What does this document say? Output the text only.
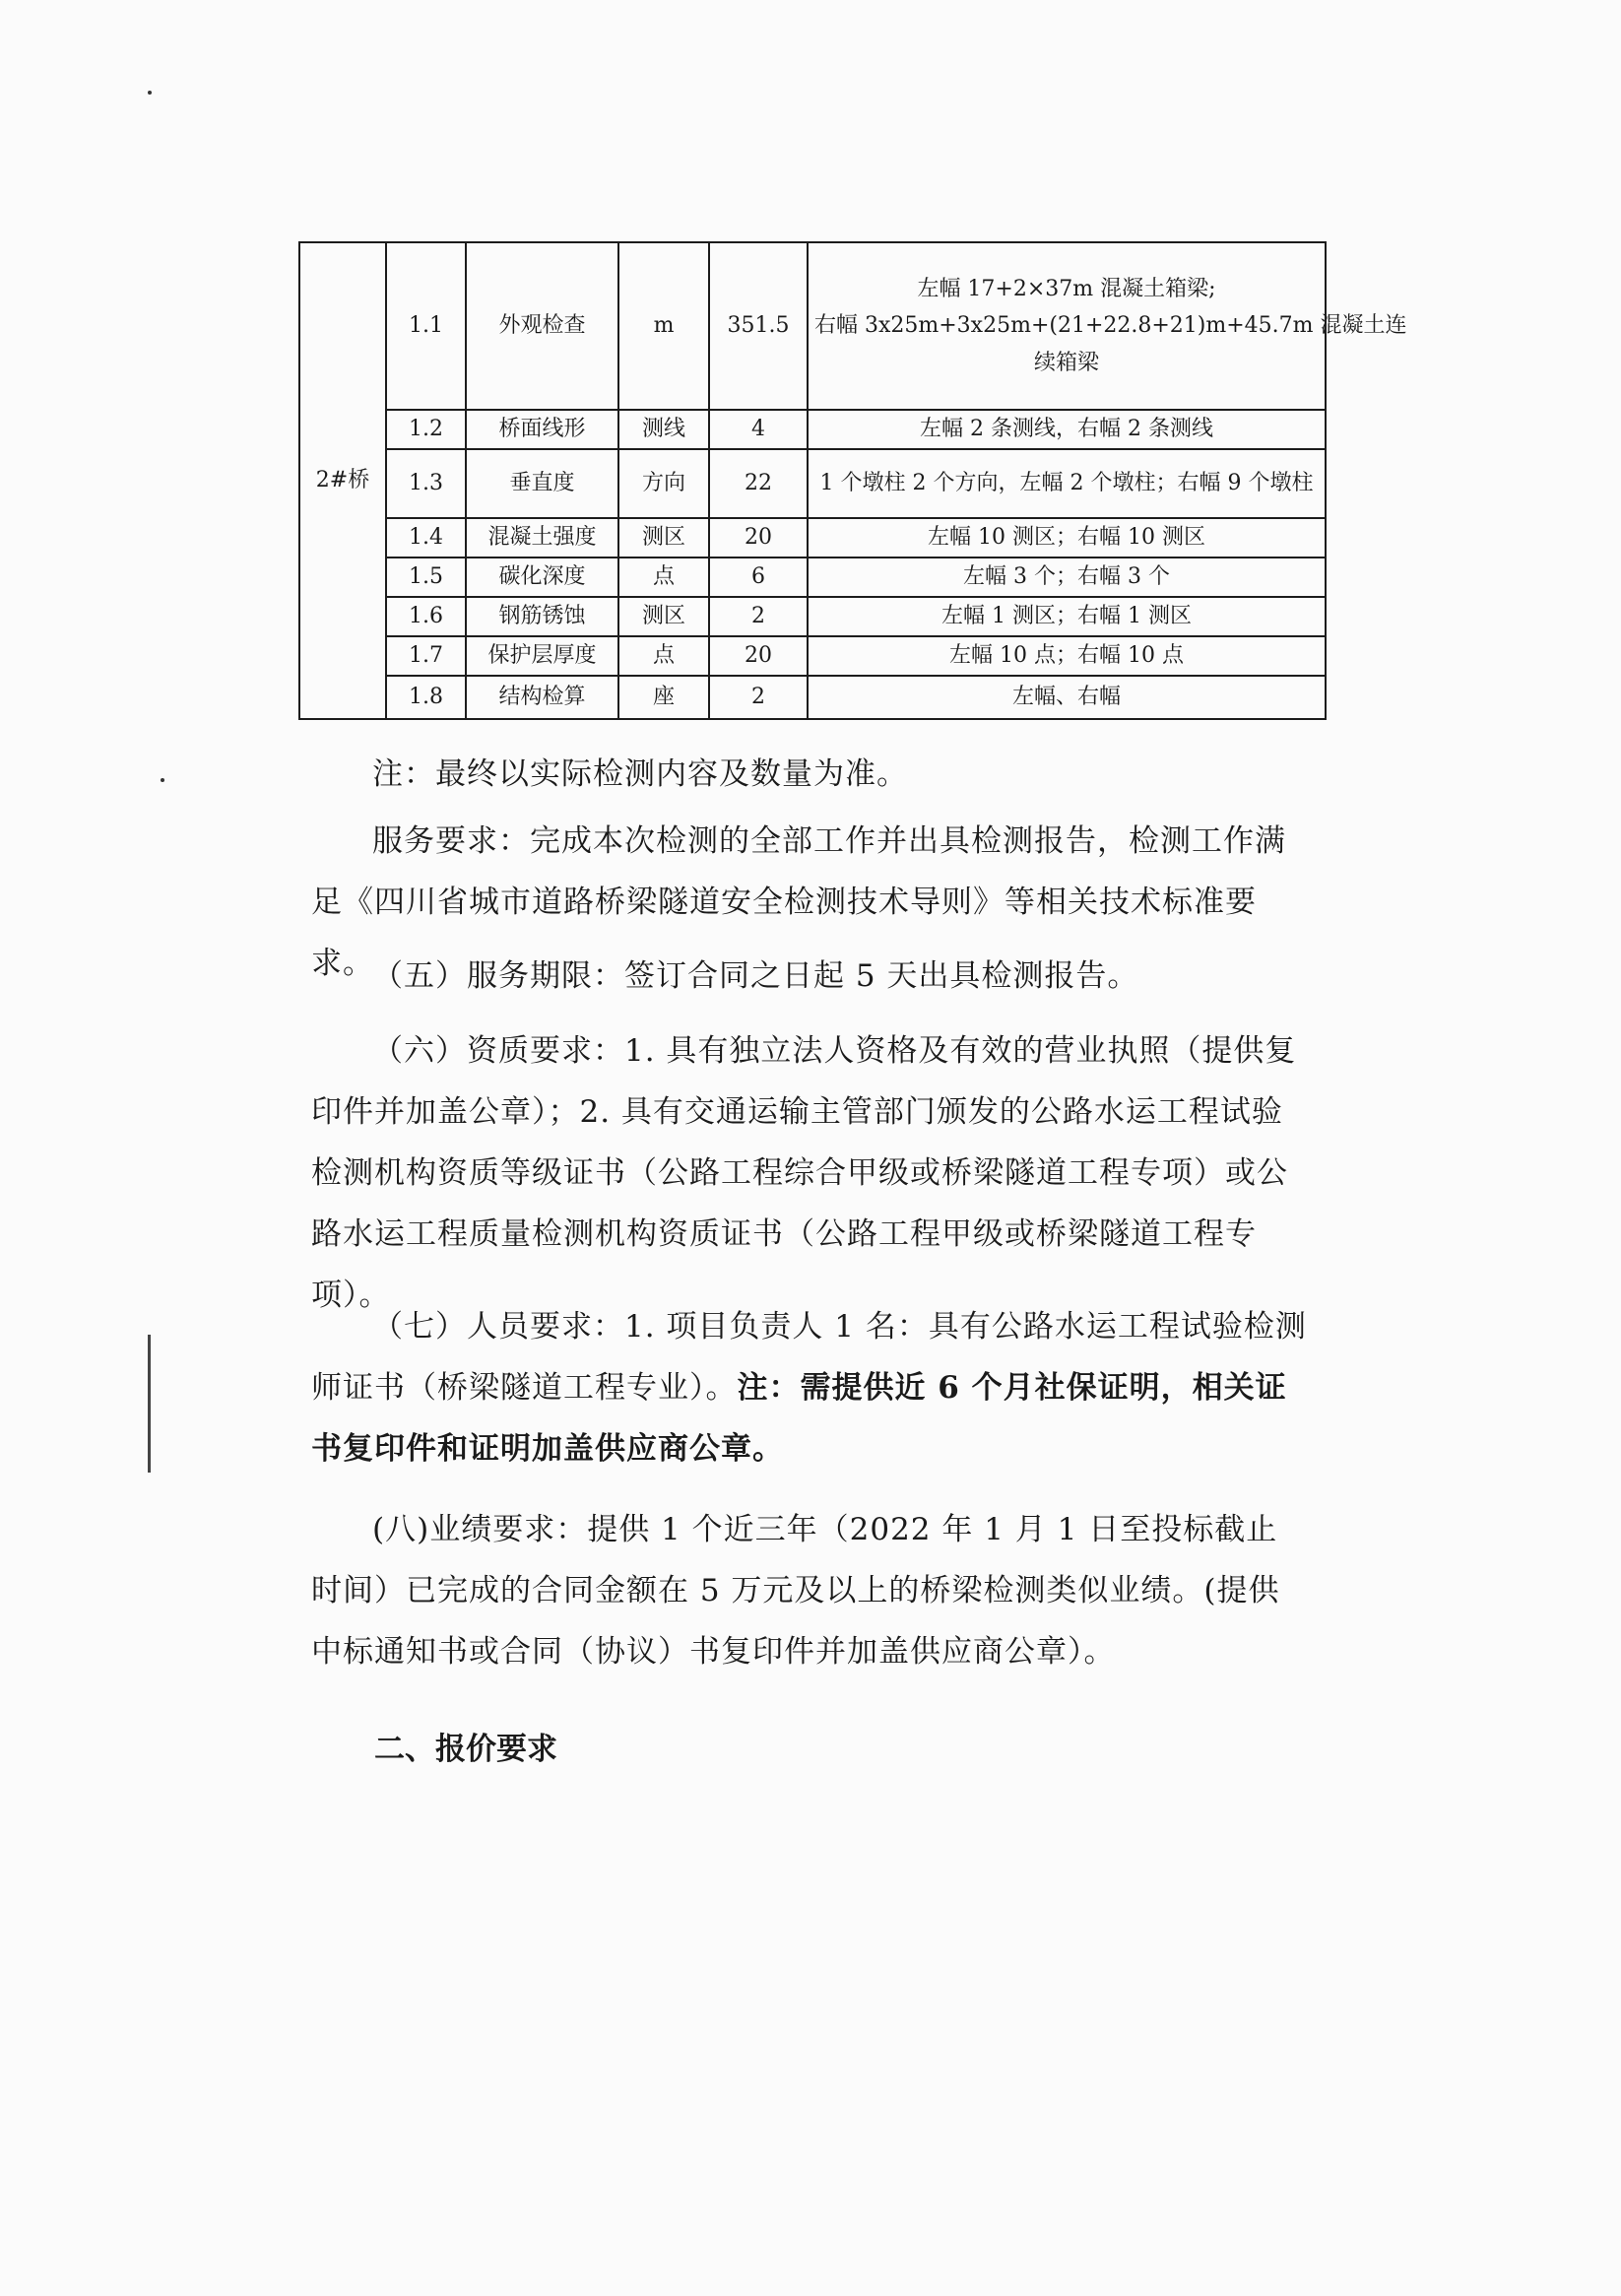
2#桥	1.1	外观检查	m	351.5	左幅 17+2×37m 混凝土箱梁;
右幅 3x25m+3x25m+(21+22.8+21)m+45.7m 混凝土连
续箱梁

	1.2	桥面线形	测线	4	左幅 2 条测线，右幅 2 条测线
	1.3	垂直度	方向	22	1 个墩柱 2 个方向，左幅 2 个墩柱；右幅 9 个墩柱
	1.4	混凝土强度	测区	20	左幅 10 测区；右幅 10 测区
	1.5	碳化深度	点	6	左幅 3 个；右幅 3 个
	1.6	钢筋锈蚀	测区	2	左幅 1 测区；右幅 1 测区
	1.7	保护层厚度	点	20	左幅 10 点；右幅 10 点
	1.8	结构检算	座	2	左幅、右幅

注：最终以实际检测内容及数量为准。

服务要求：完成本次检测的全部工作并出具检测报告，检测工作满足《四川省城市道路桥梁隧道安全检测技术导则》等相关技术标准要求。

（五）服务期限：签订合同之日起 5 天出具检测报告。

（六）资质要求：1. 具有独立法人资格及有效的营业执照（提供复印件并加盖公章）；2. 具有交通运输主管部门颁发的公路水运工程试验检测机构资质等级证书（公路工程综合甲级或桥梁隧道工程专项）或公路水运工程质量检测机构资质证书（公路工程甲级或桥梁隧道工程专项）。

（七）人员要求：1. 项目负责人 1 名：具有公路水运工程试验检测师证书（桥梁隧道工程专业）。注：需提供近 6 个月社保证明，相关证书复印件和证明加盖供应商公章。

(八)业绩要求：提供 1 个近三年（2022 年 1 月 1 日至投标截止时间）已完成的合同金额在 5 万元及以上的桥梁检测类似业绩。(提供中标通知书或合同（协议）书复印件并加盖供应商公章）。

二、报价要求
